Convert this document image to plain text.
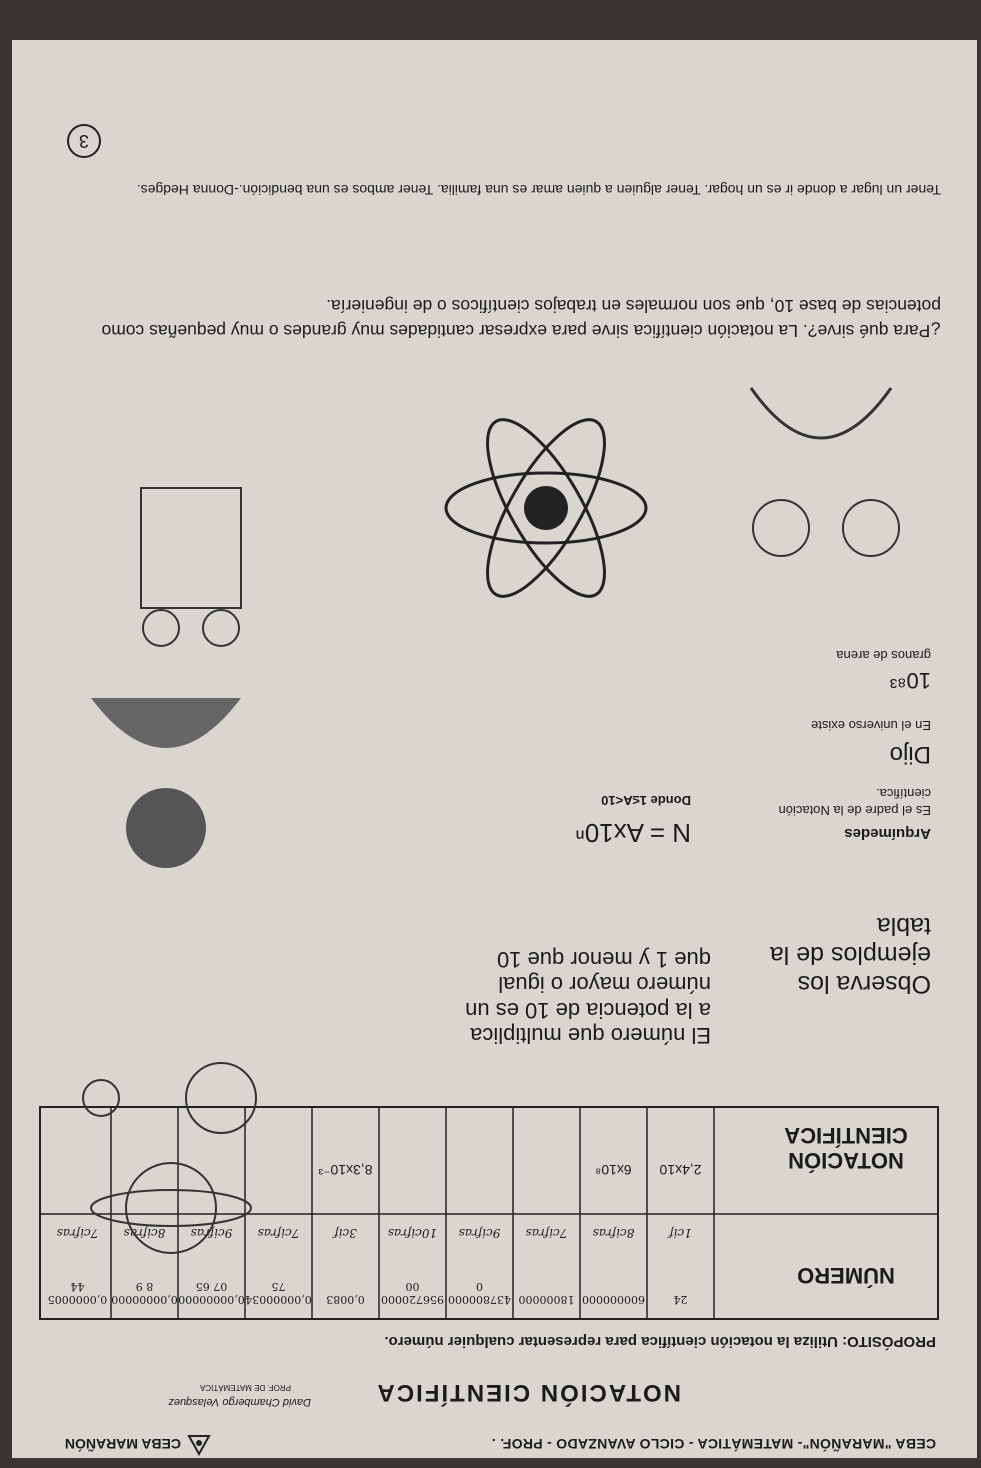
CEBA "MARAÑÓN"- MATEMÁTICA - CICLO AVANZADO - PROF. .
CEBA MARAÑÓN
NOTACIÓN CIENTÍFICA
David Chambergo Velasquez
PROF. DE MATEMÁTICA
PROPÓSITO: Utiliza la notación científica para representar cualquier número.
NÚMERO
NOTACIÓN CIENTÍFICA
24
1cif
2,4x10
600000000
8cifras
6x10⁸
18000000
7cifras
4378000000
9cifras
95672000000
10cifras
0,0083
3cif
8,3x10⁻³
0,0000003475
7cifras
0,0000000007 65
9cifras
0,000000008 9
8cifras
0,0000005 44
7cifras
Observa los ejemplos de la tabla
El número que multiplica a la potencia de 10 es un número mayor o igual que 1 y menor que 10
N = Ax10ⁿ
Donde 1≤A<10
Arquímedes
Es el padre de la Notación científica.
Dijo
En el universo existe
10⁸³
granos de arena
¿Para qué sirve?. La notación científica sirve para expresar cantidades muy grandes o muy pequeñas como potencias de base 10, que son normales en trabajos científicos o de ingeniería.
Tener un lugar a donde ir es un hogar. Tener alguien a quien amar es una familia. Tener ambos es una bendición.-Donna Hedges.
3
